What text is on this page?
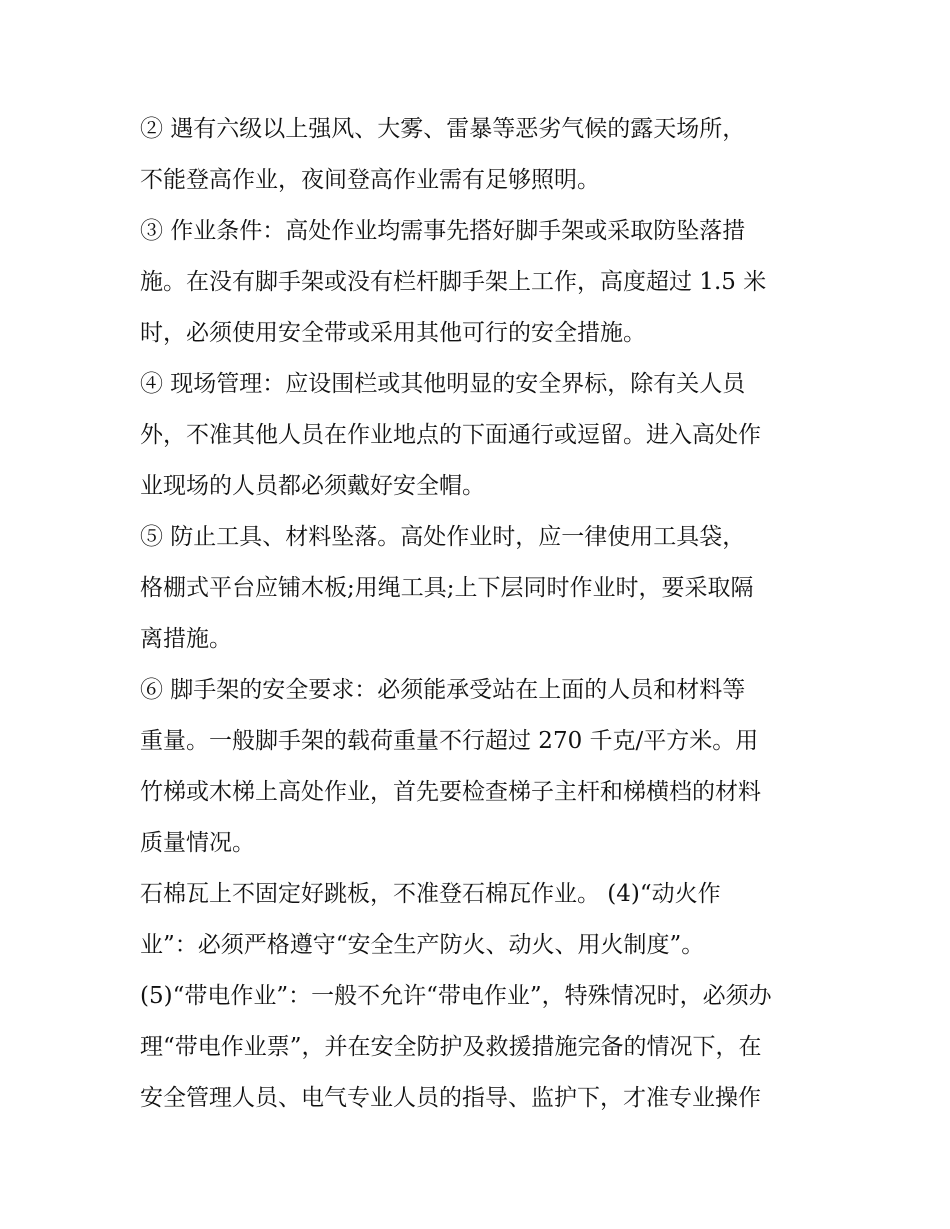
② 遇有六级以上强风、大雾、雷暴等恶劣气候的露天场所，
不能登高作业，夜间登高作业需有足够照明。
③ 作业条件：高处作业均需事先搭好脚手架或采取防坠落措
施。在没有脚手架或没有栏杆脚手架上工作，高度超过 1.5 米
时，必须使用安全带或采用其他可行的安全措施。
④ 现场管理：应设围栏或其他明显的安全界标，除有关人员
外，不准其他人员在作业地点的下面通行或逗留。进入高处作
业现场的人员都必须戴好安全帽。
⑤ 防止工具、材料坠落。高处作业时，应一律使用工具袋，
格棚式平台应铺木板;用绳工具;上下层同时作业时，要采取隔
离措施。
⑥ 脚手架的安全要求：必须能承受站在上面的人员和材料等
重量。一般脚手架的载荷重量不行超过 270 千克/平方米。用
竹梯或木梯上高处作业，首先要检查梯子主杆和梯横档的材料
质量情况。
石棉瓦上不固定好跳板，不准登石棉瓦作业。 (4)“动火作
业”：必须严格遵守“安全生产防火、动火、用火制度”。
(5)“带电作业”：一般不允许“带电作业”，特殊情况时，必须办
理“带电作业票”，并在安全防护及救援措施完备的情况下，在
安全管理人员、电气专业人员的指导、监护下，才准专业操作
